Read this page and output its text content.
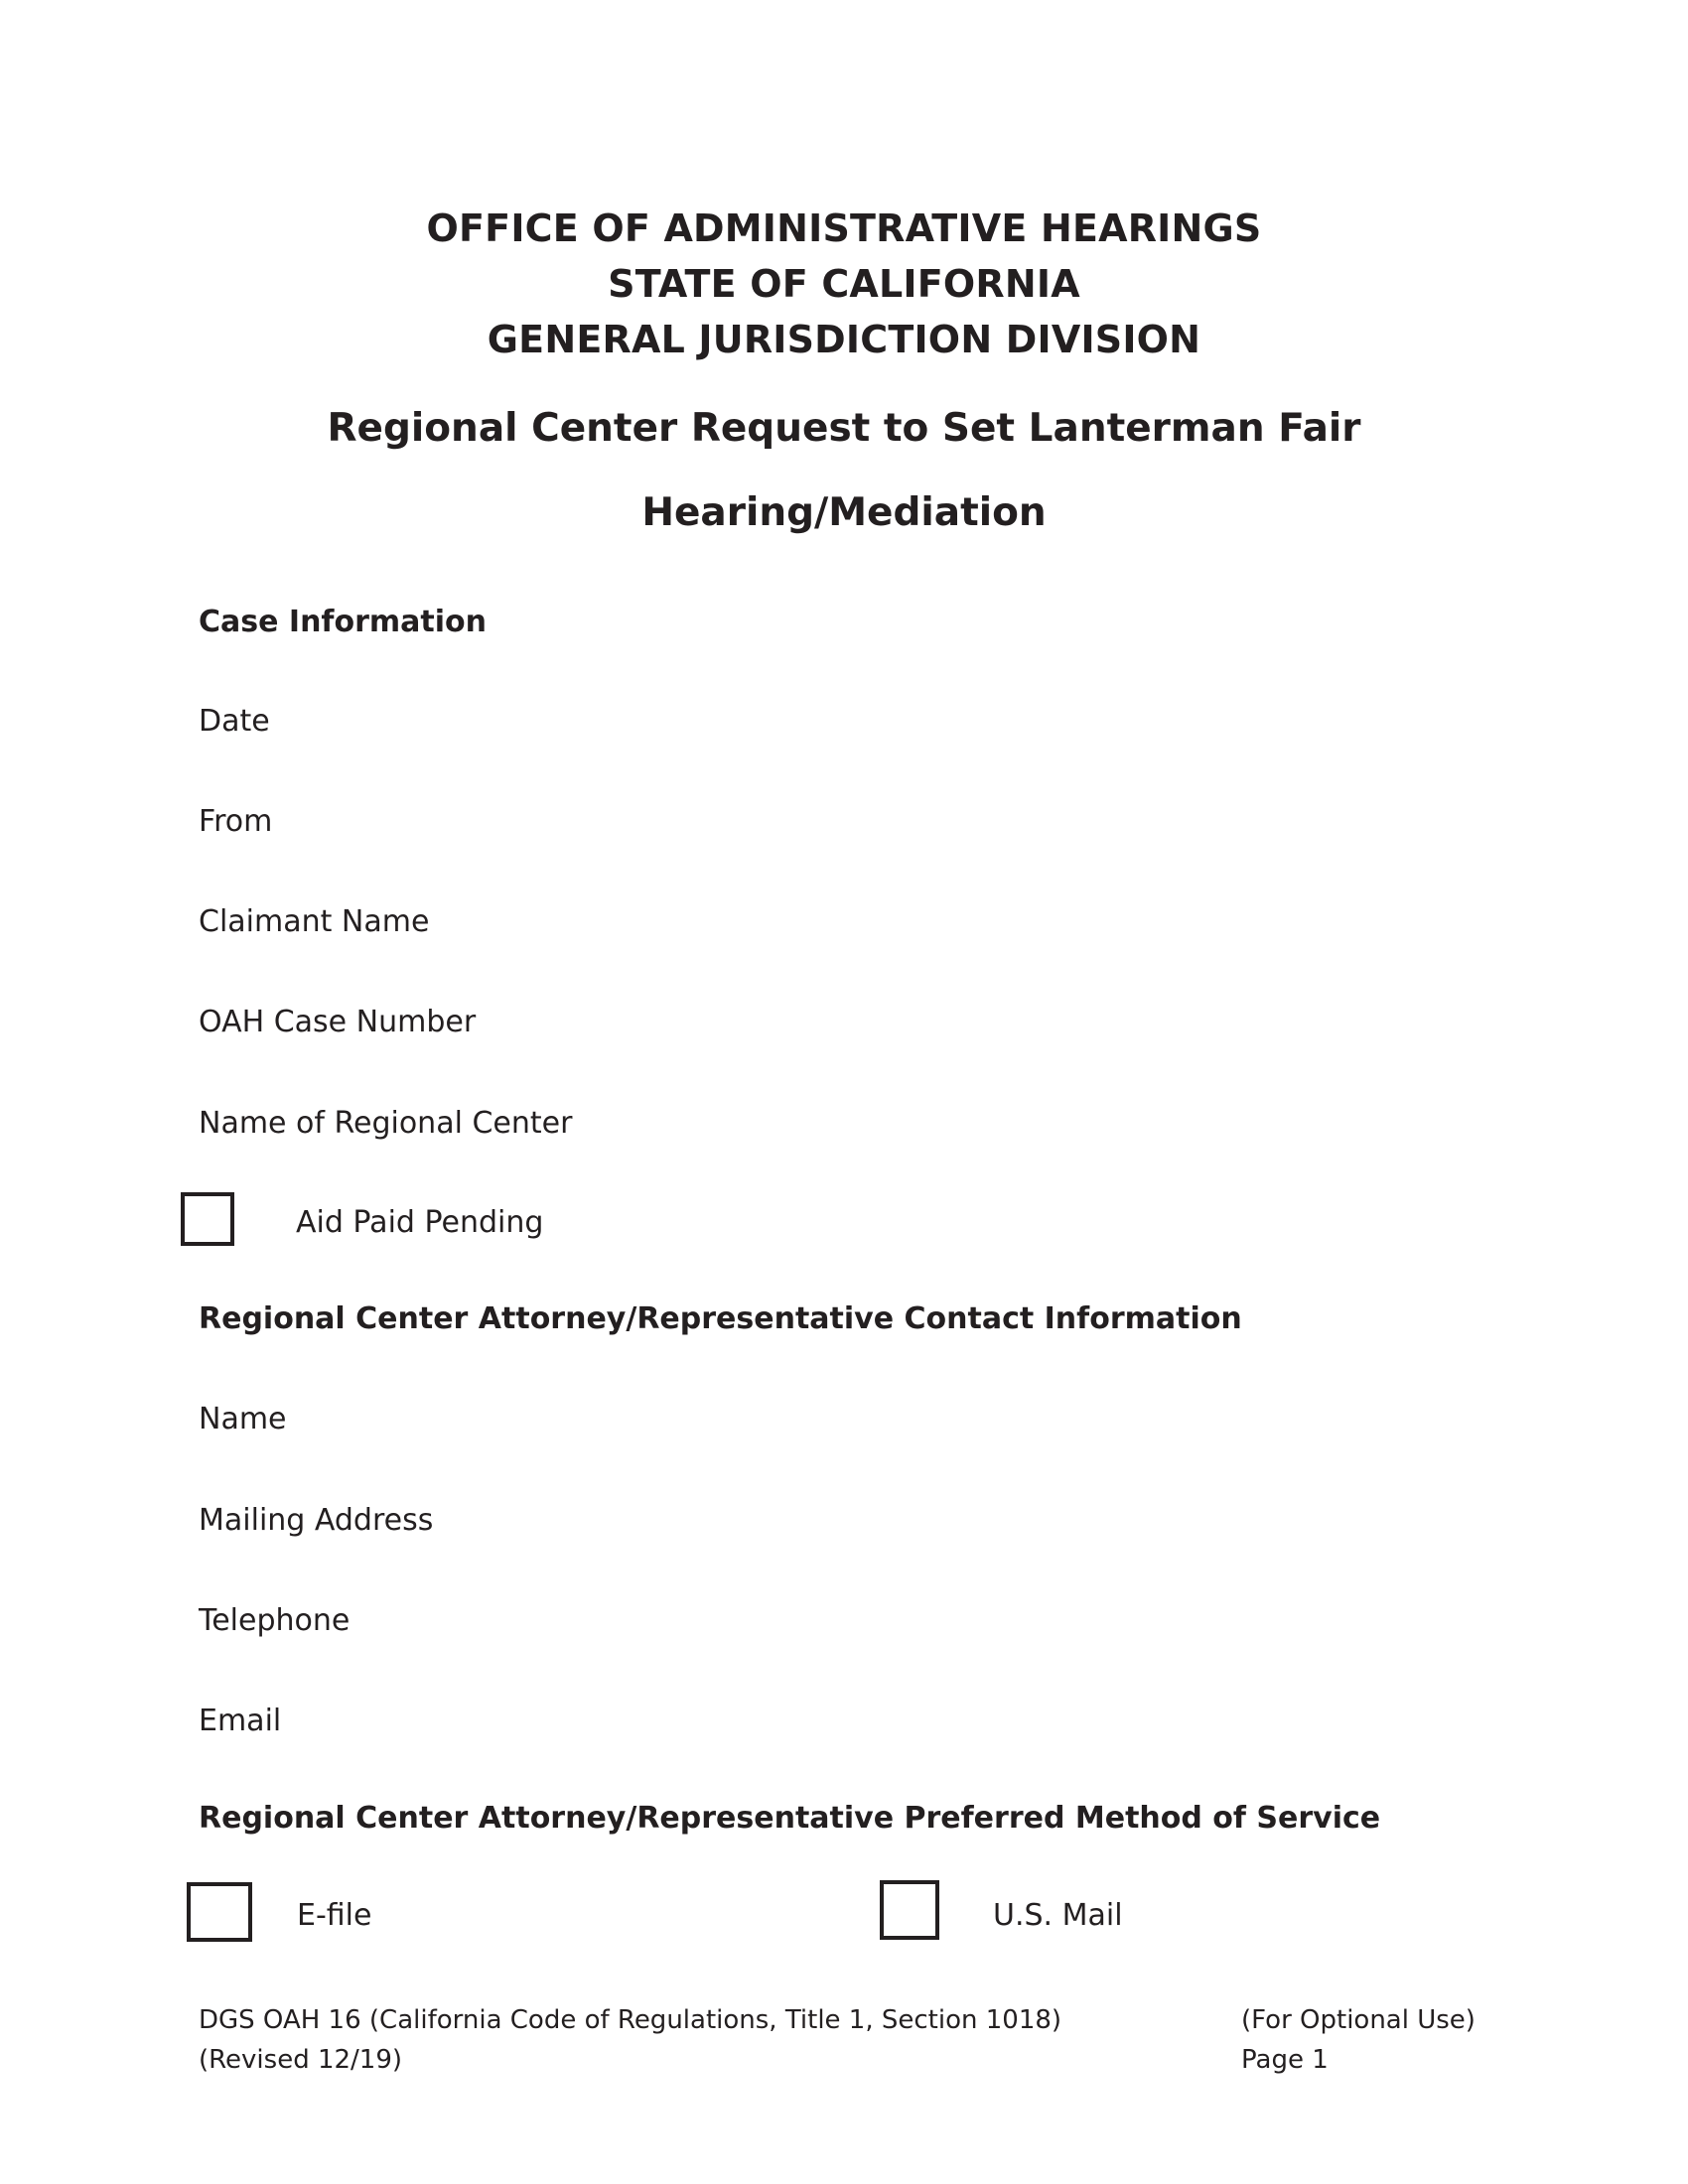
OFFICE OF ADMINISTRATIVE HEARINGS
STATE OF CALIFORNIA
GENERAL JURISDICTION DIVISION
Regional Center Request to Set Lanterman Fair
Hearing/Mediation
Case Information
Date
From
Claimant Name
OAH Case Number
Name of Regional Center
Aid Paid Pending
Regional Center Attorney/Representative Contact Information
Name
Mailing Address
Telephone
Email
Regional Center Attorney/Representative Preferred Method of Service
E-file	U.S. Mail
DGS OAH 16 (California Code of Regulations, Title 1, Section 1018)
(Revised 12/19)
(For Optional Use)
Page 1
